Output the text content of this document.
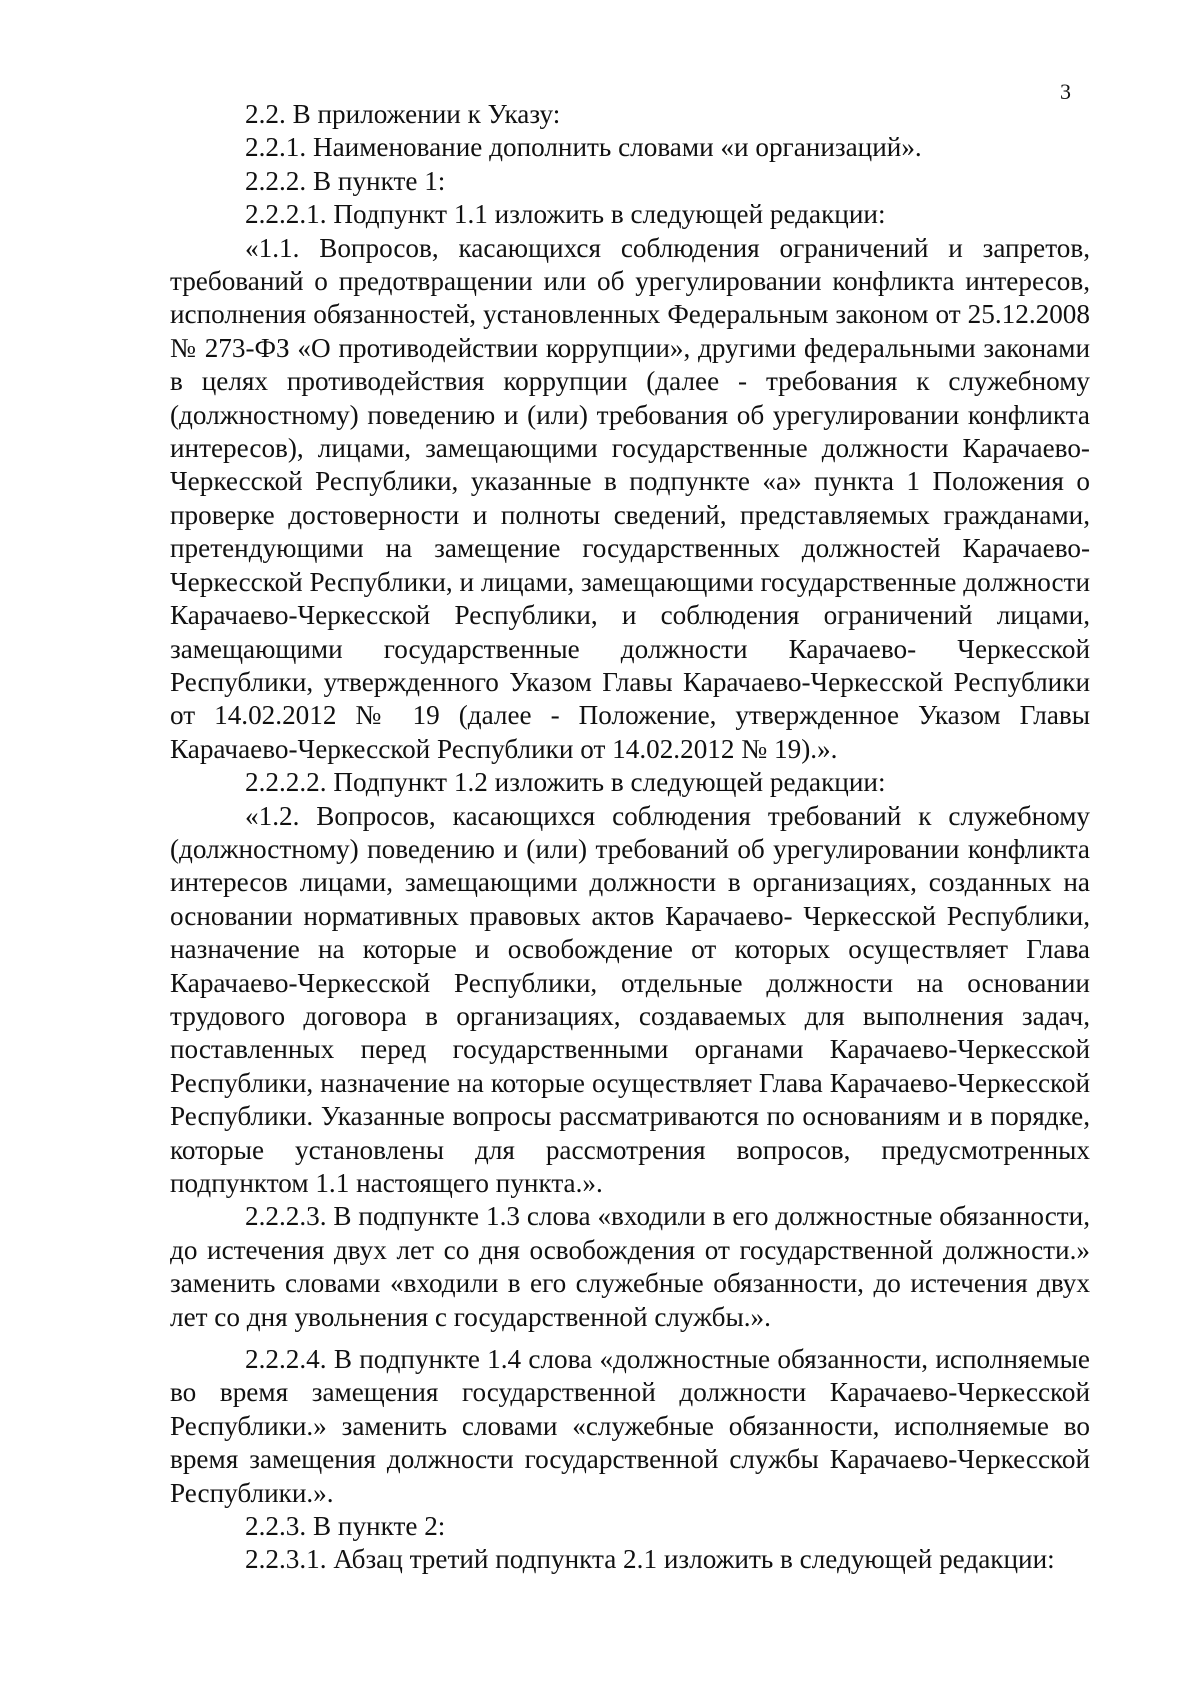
3

2.2. В приложении к Указу:

2.2.1. Наименование дополнить словами «и организаций».

2.2.2. В пункте 1:

2.2.2.1. Подпункт 1.1 изложить в следующей редакции:

«1.1. Вопросов, касающихся соблюдения ограничений и запретов, требований о предотвращении или об урегулировании конфликта интересов, исполнения обязанностей, установленных Федеральным законом от 25.12.2008 № 273-ФЗ «О противодействии коррупции», другими федеральными законами в целях противодействия коррупции (далее - требования к служебному (должностному) поведению и (или) требования об урегулировании конфликта интересов), лицами, замещающими государственные должности Карачаево-Черкесской Республики, указанные в подпункте «а» пункта 1 Положения о проверке достоверности и полноты сведений, представляемых гражданами, претендующими на замещение государственных должностей Карачаево- Черкесской Республики, и лицами, замещающими государственные должности Карачаево-Черкесской Республики, и соблюдения ограничений лицами, замещающими государственные должности Карачаево- Черкесской Республики, утвержденного Указом Главы Карачаево-Черкесской Республики от 14.02.2012 № 19 (далее - Положение, утвержденное Указом Главы Карачаево-Черкесской Республики от 14.02.2012 № 19).».

2.2.2.2. Подпункт 1.2 изложить в следующей редакции:

«1.2. Вопросов, касающихся соблюдения требований к служебному (должностному) поведению и (или) требований об урегулировании конфликта интересов лицами, замещающими должности в организациях, созданных на основании нормативных правовых актов Карачаево- Черкесской Республики, назначение на которые и освобождение от которых осуществляет Глава Карачаево-Черкесской Республики, отдельные должности на основании трудового договора в организациях, создаваемых для выполнения задач, поставленных перед государственными органами Карачаево-Черкесской Республики, назначение на которые осуществляет Глава Карачаево-Черкесской Республики. Указанные вопросы рассматриваются по основаниям и в порядке, которые установлены для рассмотрения вопросов, предусмотренных подпунктом 1.1 настоящего пункта.».

2.2.2.3. В подпункте 1.3 слова «входили в его должностные обязанности, до истечения двух лет со дня освобождения от государственной должности.» заменить словами «входили в его служебные обязанности, до истечения двух лет со дня увольнения с государственной службы.».

2.2.2.4. В подпункте 1.4 слова «должностные обязанности, исполняемые во время замещения государственной должности Карачаево-Черкесской Республики.» заменить словами «служебные обязанности, исполняемые во время замещения должности государственной службы Карачаево-Черкесской Республики.».

2.2.3. В пункте 2:

2.2.3.1. Абзац третий подпункта 2.1 изложить в следующей редакции:
